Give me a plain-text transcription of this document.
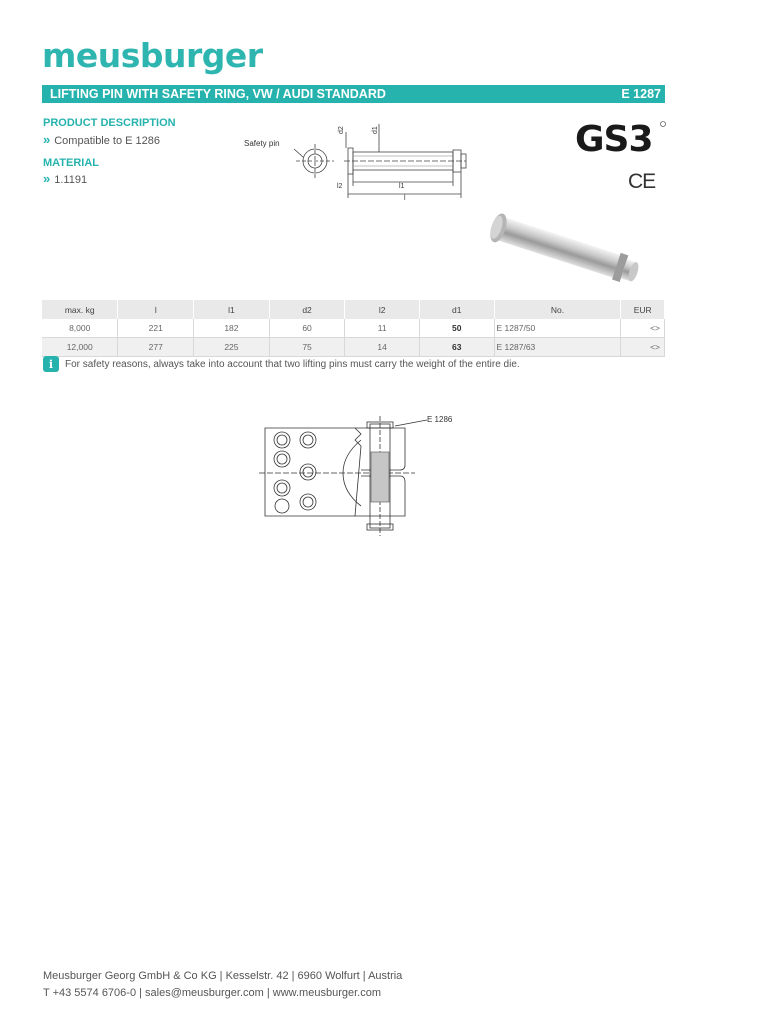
meusburger
LIFTING PIN WITH SAFETY RING, VW / AUDI STANDARD	E 1287
PRODUCT DESCRIPTION
» Compatible to E 1286
MATERIAL
» 1.1191
Safety pin
d2	d1
l1
l
l2
GS3
CE
max. kg	l	l1	d2	l2	d1	No.	EUR
8,000	221	182	60	11	50	E 1287/50	<>
12,000	277	225	75	14	63	E 1287/63	<>
i	For safety reasons, always take into account that two lifting pins must carry the weight of the entire die.
E 1286
Meusburger Georg GmbH & Co KG | Kesselstr. 42 | 6960 Wolfurt | Austria
T +43 5574 6706-0 | sales@meusburger.com | www.meusburger.com
